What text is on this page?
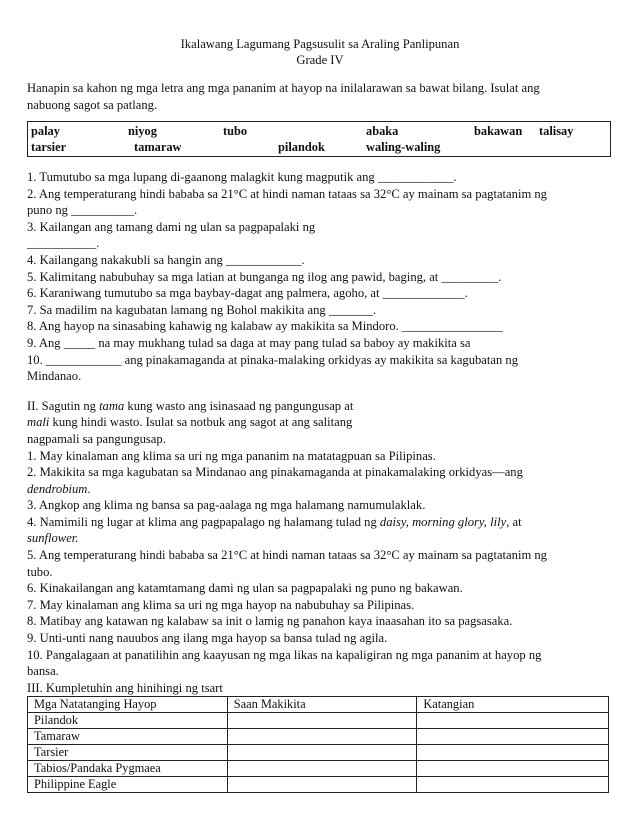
Ikalawang Lagumang Pagsusulit sa Araling Panlipunan
Grade IV
Hanapin sa kahon ng mga letra ang mga pananim at hayop na inilalarawan sa bawat bilang. Isulat ang
nabuong sagot sa patlang.
palay	niyog	tubo	abaka	bakawan talisay
tarsier	tamaraw	pilandok	waling-waling
1. Tumutubo sa mga lupang di-gaanong malagkit kung magputik ang ____________.
2. Ang temperaturang hindi bababa sa 21°C at hindi naman tataas sa 32°C ay mainam sa pagtatanim ng
puno ng __________.
3. Kailangan ang tamang dami ng ulan sa pagpapalaki ng
___________.
4. Kailangang nakakubli sa hangin ang ____________.
5. Kalimitang nabubuhay sa mga latian at bunganga ng ilog ang pawid, baging, at _________.
6. Karaniwang tumutubo sa mga baybay-dagat ang palmera, agoho, at _____________.
7. Sa madilim na kagubatan lamang ng Bohol makikita ang _______.
8. Ang hayop na sinasabing kahawig ng kalabaw ay makikita sa Mindoro. ________________
9. Ang _____ na may mukhang tulad sa daga at may pang tulad sa baboy ay makikita sa
10. ____________ ang pinakamaganda at pinaka-malaking orkidyas ay makikita sa kagubatan ng
Mindanao.
II. Sagutin ng tama kung wasto ang isinasaad ng pangungusap at
mali kung hindi wasto. Isulat sa notbuk ang sagot at ang salitang
nagpamali sa pangungusap.
1. May kinalaman ang klima sa uri ng mga pananim na matatagpuan sa Pilipinas.
2. Makikita sa mga kagubatan sa Mindanao ang pinakamaganda at pinakamalaking orkidyas—ang
dendrobium.
3. Angkop ang klima ng bansa sa pag-aalaga ng mga halamang namumulaklak.
4. Namimili ng lugar at klima ang pagpapalago ng halamang tulad ng daisy, morning glory, lily, at
sunflower.
5. Ang temperaturang hindi bababa sa 21°C at hindi naman tataas sa 32°C ay mainam sa pagtatanim ng
tubo.
6. Kinakailangan ang katamtamang dami ng ulan sa pagpapalaki ng puno ng bakawan.
7. May kinalaman ang klima sa uri ng mga hayop na nabubuhay sa Pilipinas.
8. Matibay ang katawan ng kalabaw sa init o lamig ng panahon kaya inaasahan ito sa pagsasaka.
9. Unti-unti nang nauubos ang ilang mga hayop sa bansa tulad ng agila.
10. Pangalagaan at panatilihin ang kaayusan ng mga likas na kapaligiran ng mga pananim at hayop ng
bansa.
III. Kumpletuhin ang hinihingi ng tsart
Mga Natatanging Hayop	Saan Makikita	Katangian
Pilandok		
Tamaraw		
Tarsier		
Tabios/Pandaka Pygmaea		
Philippine Eagle		
